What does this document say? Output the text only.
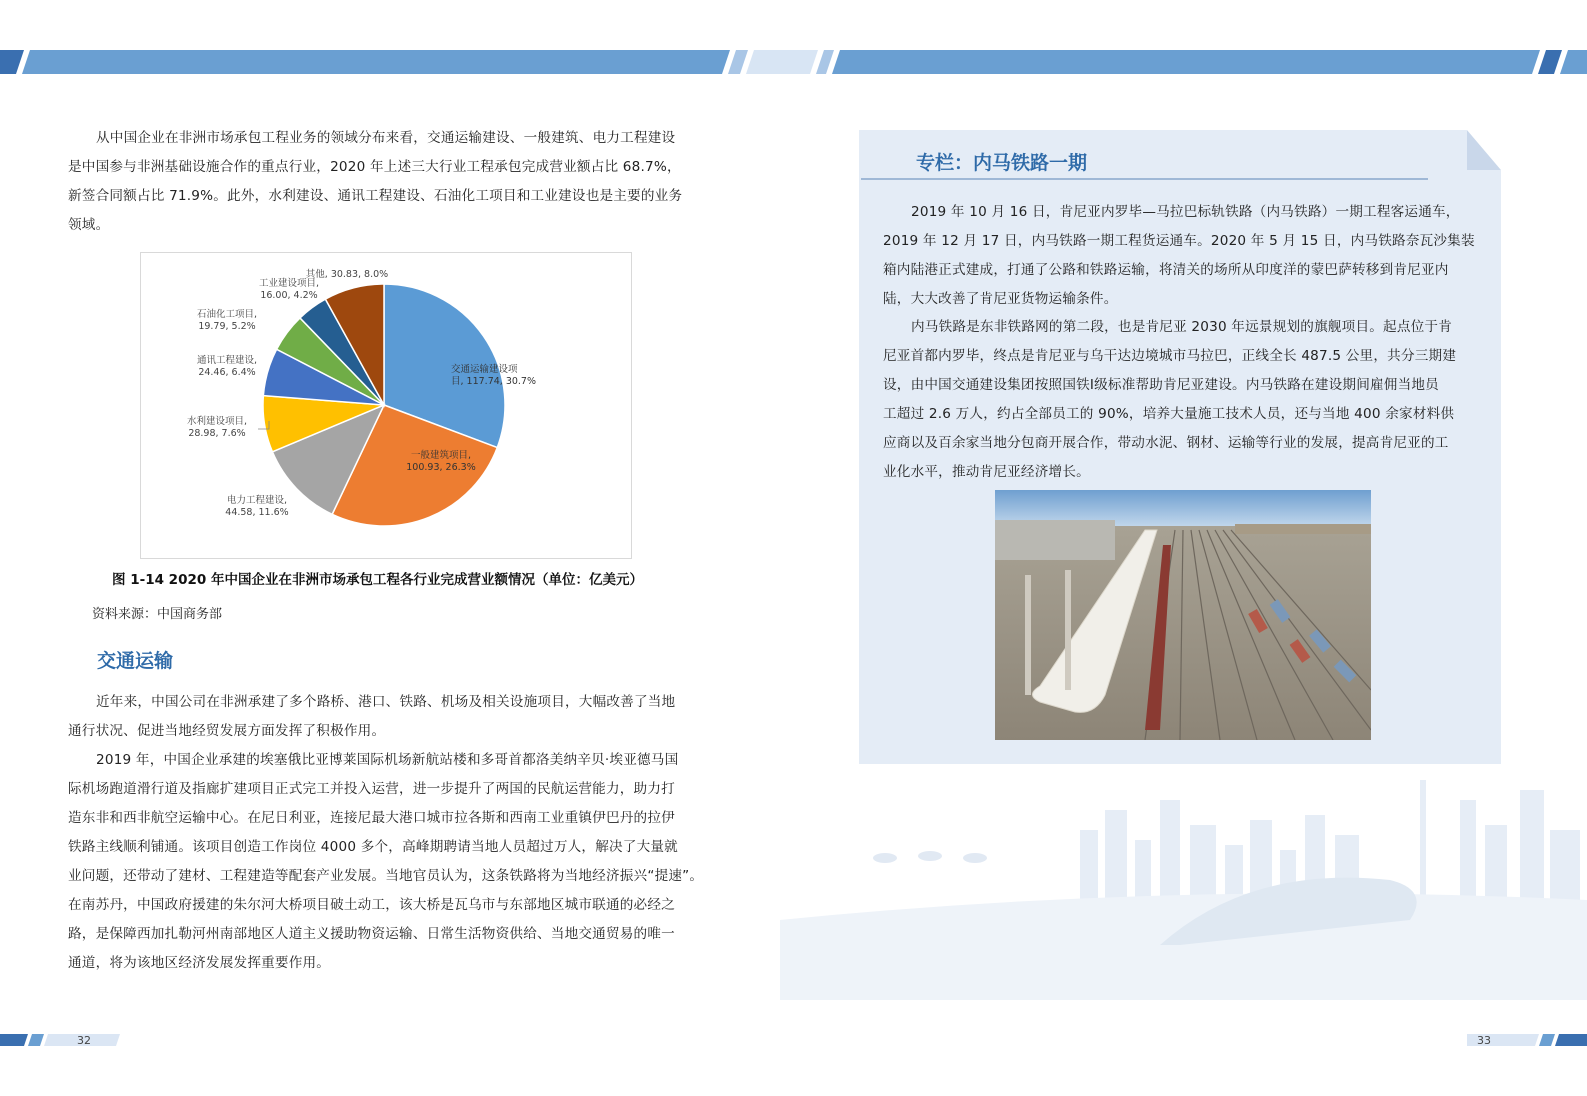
从中国企业在非洲市场承包工程业务的领域分布来看，交通运输建设、一般建筑、电力工程建设
是中国参与非洲基础设施合作的重点行业，2020 年上述三大行业工程承包完成营业额占比 68.7%，
新签合同额占比 71.9%。此外，水利建设、通讯工程建设、石油化工项目和工业建设也是主要的业务
领域。

交通运输建设项目, 117.74, 30.7%
一般建筑项目, 100.93, 26.3%
电力工程建设, 44.58, 11.6%
水利建设项目, 28.98, 7.6%
通讯工程建设, 24.46, 6.4%
石油化工项目, 19.79, 5.2%
工业建设项目, 16.00, 4.2%
其他, 30.83, 8.0%
图 1-14 2020 年中国企业在非洲市场承包工程各行业完成营业额情况（单位：亿美元）
资料来源：中国商务部
交通运输

近年来，中国公司在非洲承建了多个路桥、港口、铁路、机场及相关设施项目，大幅改善了当地
通行状况、促进当地经贸发展方面发挥了积极作用。

2019 年，中国企业承建的埃塞俄比亚博莱国际机场新航站楼和多哥首都洛美纳辛贝·埃亚德马国
际机场跑道滑行道及指廊扩建项目正式完工并投入运营，进一步提升了两国的民航运营能力，助力打
造东非和西非航空运输中心。在尼日利亚，连接尼最大港口城市拉各斯和西南工业重镇伊巴丹的拉伊
铁路主线顺利铺通。该项目创造工作岗位 4000 多个，高峰期聘请当地人员超过万人，解决了大量就
业问题，还带动了建材、工程建造等配套产业发展。当地官员认为，这条铁路将为当地经济振兴“提速”。
在南苏丹，中国政府援建的朱尔河大桥项目破土动工，该大桥是瓦乌市与东部地区城市联通的必经之
路，是保障西加扎勒河州南部地区人道主义援助物资运输、日常生活物资供给、当地交通贸易的唯一
通道，将为该地区经济发展发挥重要作用。

专栏：内马铁路一期

2019 年 10 月 16 日，肯尼亚内罗毕—马拉巴标轨铁路（内马铁路）一期工程客运通车，
2019 年 12 月 17 日，内马铁路一期工程货运通车。2020 年 5 月 15 日，内马铁路奈瓦沙集装
箱内陆港正式建成，打通了公路和铁路运输，将清关的场所从印度洋的蒙巴萨转移到肯尼亚内
陆，大大改善了肯尼亚货物运输条件。

内马铁路是东非铁路网的第二段，也是肯尼亚 2030 年远景规划的旗舰项目。起点位于肯
尼亚首都内罗毕，终点是肯尼亚与乌干达边境城市马拉巴，正线全长 487.5 公里，共分三期建
设，由中国交通建设集团按照国铁Ⅰ级标准帮助肯尼亚建设。内马铁路在建设期间雇佣当地员
工超过 2.6 万人，约占全部员工的 90%，培养大量施工技术人员，还与当地 400 余家材料供
应商以及百余家当地分包商开展合作，带动水泥、钢材、运输等行业的发展，提高肯尼亚的工
业化水平，推动肯尼亚经济增长。

32	33
